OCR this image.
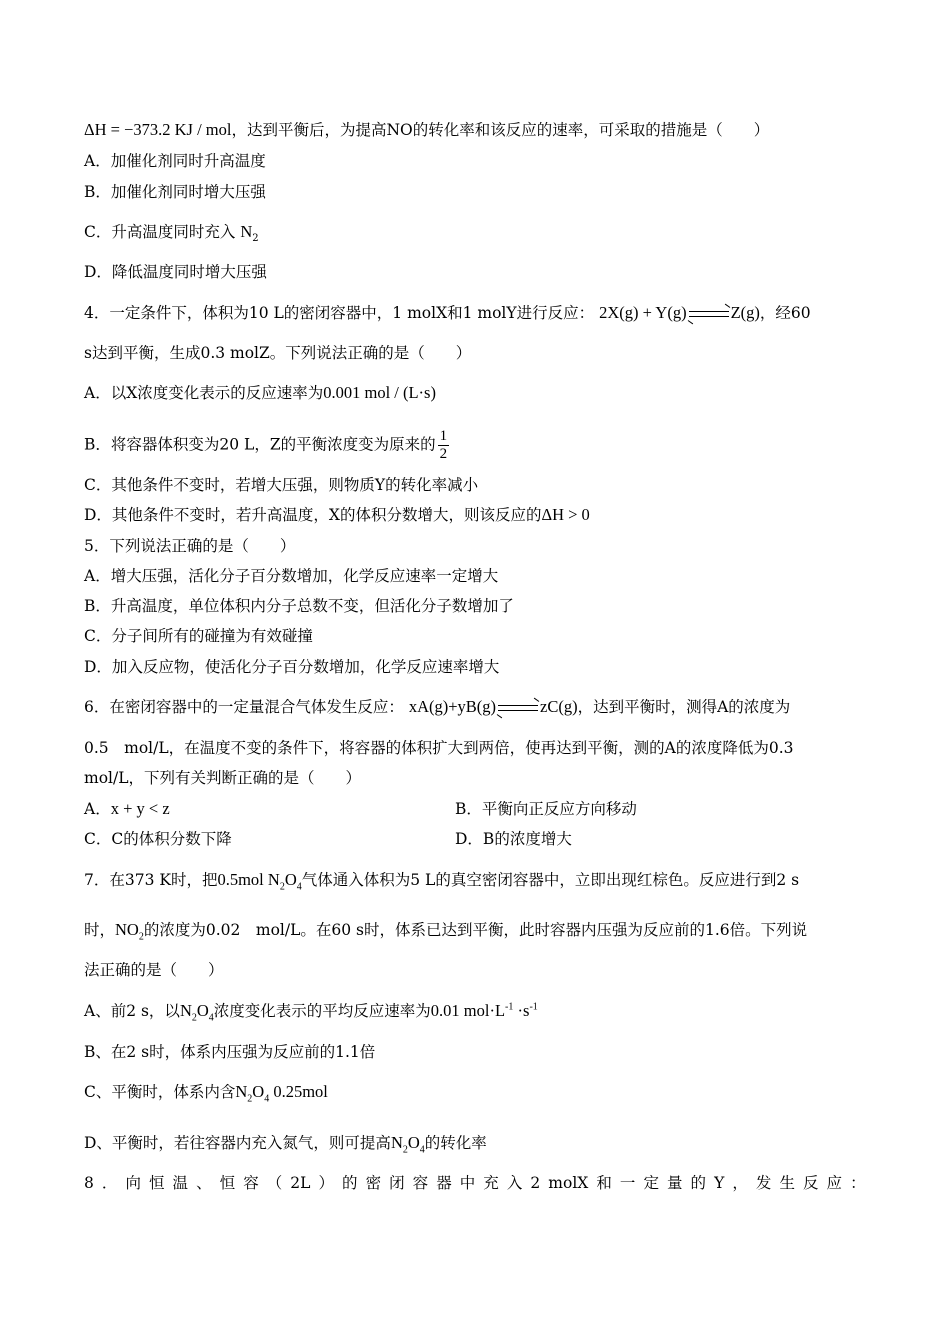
ΔH = −373.2 KJ / mol，达到平衡后，为提高NO的转化率和该反应的速率，可采取的措施是（　　）
A．加催化剂同时升高温度
B．加催化剂同时增大压强
C．升高温度同时充入 $N_2$
D．降低温度同时增大压强
4．一定条件下，体积为10 L的密闭容器中，1 molX和1 molY进行反应： 2X(g) + Y(g)	Z(g)，经60
s达到平衡，生成0.3 molZ。下列说法正确的是（　　）
A．以X浓度变化表示的反应速率为0.001 mol / (L·s)
B．将容器体积变为20 L，Z的平衡浓度变为原来的 $\frac{1}{2}$
C．其他条件不变时，若增大压强，则物质Y的转化率减小
D．其他条件不变时，若升高温度，X的体积分数增大，则该反应的ΔH > 0
5．下列说法正确的是（　　）
A．增大压强，活化分子百分数增加，化学反应速率一定增大
B．升高温度，单位体积内分子总数不变，但活化分子数增加了
C．分子间所有的碰撞为有效碰撞
D．加入反应物，使活化分子百分数增加，化学反应速率增大
6．在密闭容器中的一定量混合气体发生反应： xA(g)+yB(g)	zC(g)，达到平衡时，测得A的浓度为
0.5　mol/L，在温度不变的条件下，将容器的体积扩大到两倍，使再达到平衡，测的A的浓度降低为0.3
mol/L，下列有关判断正确的是（　　）
A．x + y < z	B．平衡向正反应方向移动
C．C的体积分数下降	D．B的浓度增大
7．在373 K时，把0.5mol $N_2O_4$气体通入体积为5 L的真空密闭容器中，立即出现红棕色。反应进行到2 s
时，$NO_2$的浓度为0.02　mol/L。在60 s时，体系已达到平衡，此时容器内压强为反应前的1.6倍。下列说
法正确的是（　　）
A、前2 s，以$N_2O_4$浓度变化表示的平均反应速率为0.01 $mol\cdot L^{-1} \cdot s^{-1}$
B、在2 s时，体系内压强为反应前的1.1倍
C、平衡时，体系内含$N_2O_4$ 0.25mol
D、平衡时，若往容器内充入氮气，则可提高$N_2O_4$的转化率
8 ． 向 恒 温 、 恒 容 （ 2L ） 的 密 闭 容 器 中 充 入 2 molX 和 一 定 量 的 Y ， 发 生 反 应 ：
